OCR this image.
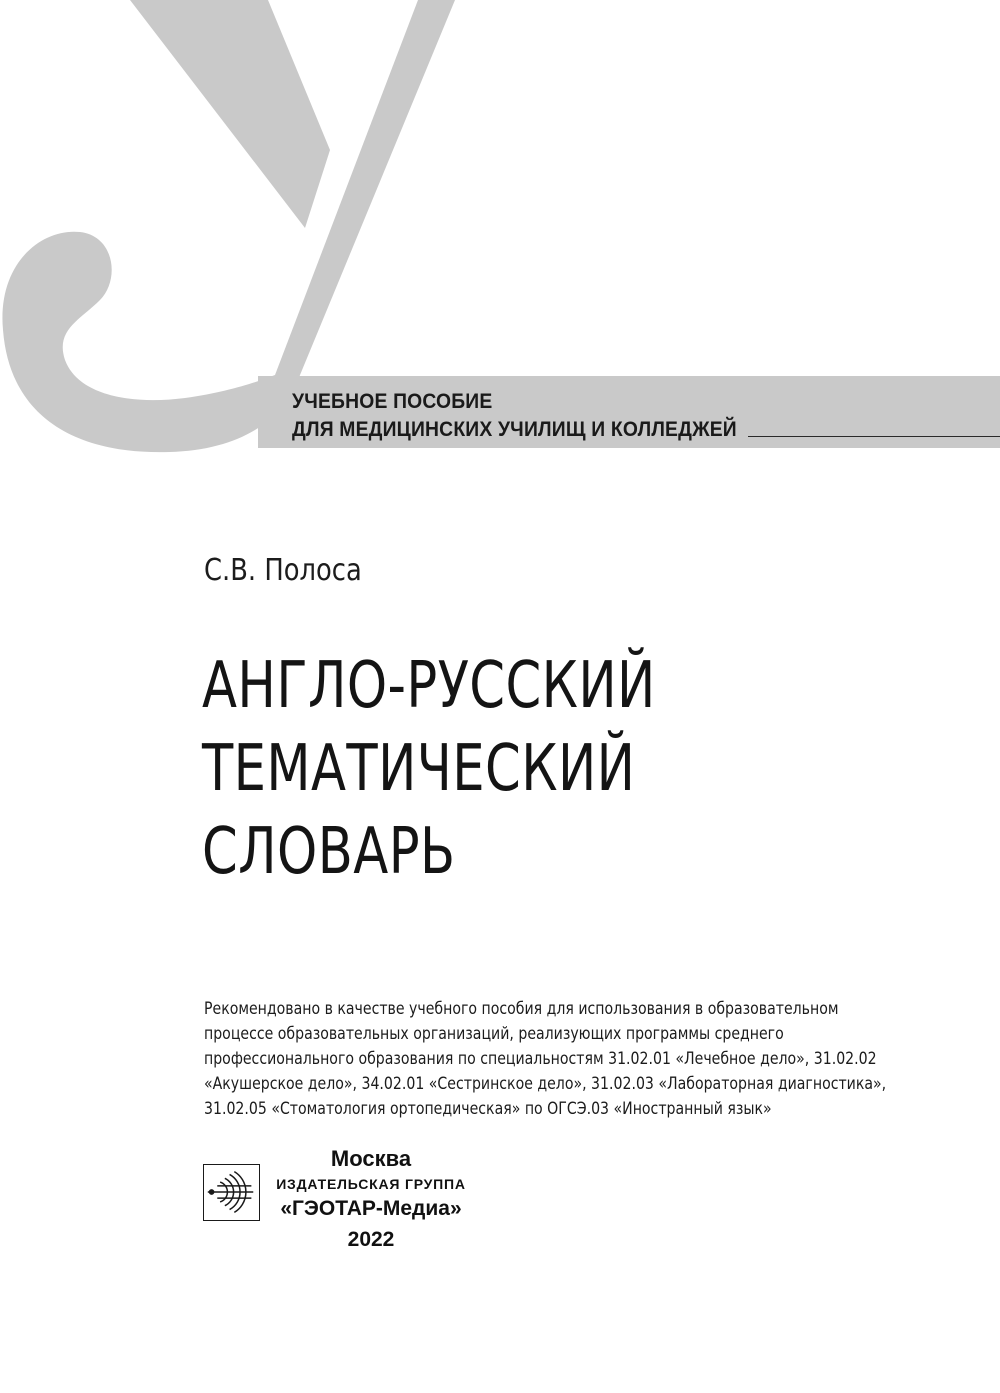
УЧЕБНОЕ ПОСОБИЕ
ДЛЯ МЕДИЦИНСКИХ УЧИЛИЩ И КОЛЛЕДЖЕЙ
С.В. Полоса
АНГЛО-РУССКИЙ
ТЕМАТИЧЕСКИЙ
СЛОВАРЬ
Рекомендовано в качестве учебного пособия для использования в образовательном
процессе образовательных организаций, реализующих программы среднего
профессионального образования по специальностям 31.02.01 «Лечебное дело», 31.02.02
«Акушерское дело», 34.02.01 «Сестринское дело», 31.02.03 «Лабораторная диагностика»,
31.02.05 «Стоматология ортопедическая» по ОГСЭ.03 «Иностранный язык»
Москва
ИЗДАТЕЛЬСКАЯ ГРУППА
«ГЭОТАР-Медиа»
2022
